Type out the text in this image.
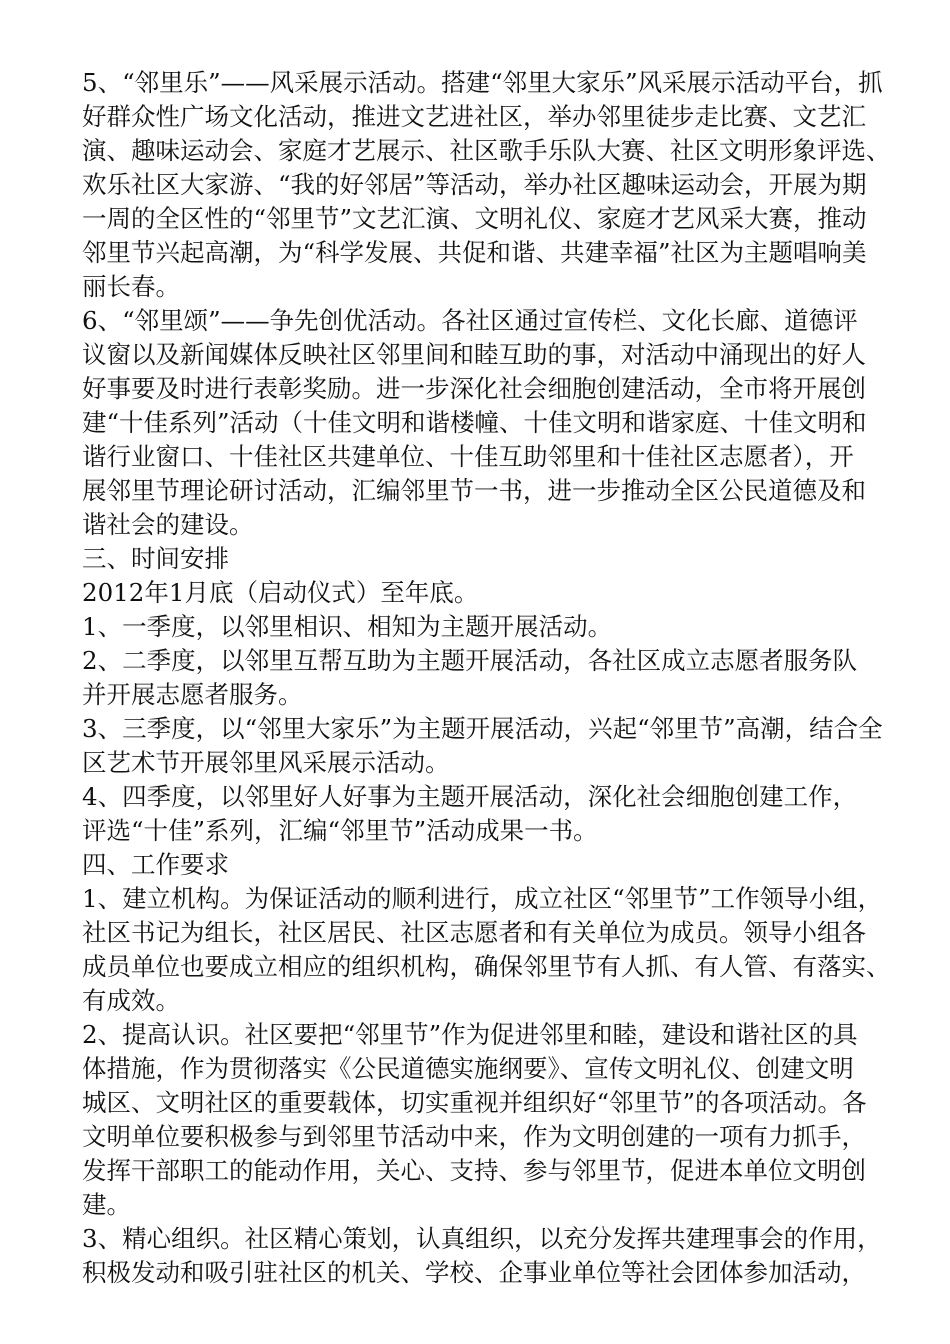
5、“邻里乐”——风采展示活动。搭建“邻里大家乐”风采展示活动平台，抓
好群众性广场文化活动，推进文艺进社区，举办邻里徒步走比赛、文艺汇
演、趣味运动会、家庭才艺展示、社区歌手乐队大赛、社区文明形象评选、
欢乐社区大家游、“我的好邻居”等活动，举办社区趣味运动会，开展为期
一周的全区性的“邻里节”文艺汇演、文明礼仪、家庭才艺风采大赛，推动
邻里节兴起高潮，为“科学发展、共促和谐、共建幸福”社区为主题唱响美
丽长春。
6、“邻里颂”——争先创优活动。各社区通过宣传栏、文化长廊、道德评
议窗以及新闻媒体反映社区邻里间和睦互助的事，对活动中涌现出的好人
好事要及时进行表彰奖励。进一步深化社会细胞创建活动，全市将开展创
建“十佳系列”活动（十佳文明和谐楼幢、十佳文明和谐家庭、十佳文明和
谐行业窗口、十佳社区共建单位、十佳互助邻里和十佳社区志愿者），开
展邻里节理论研讨活动，汇编邻里节一书，进一步推动全区公民道德及和
谐社会的建设。
三、时间安排
2012年1月底（启动仪式）至年底。
1、一季度，以邻里相识、相知为主题开展活动。
2、二季度，以邻里互帮互助为主题开展活动，各社区成立志愿者服务队
并开展志愿者服务。
3、三季度，以“邻里大家乐”为主题开展活动，兴起“邻里节”高潮，结合全
区艺术节开展邻里风采展示活动。
4、四季度，以邻里好人好事为主题开展活动，深化社会细胞创建工作，
评选“十佳”系列，汇编“邻里节”活动成果一书。
四、工作要求
1、建立机构。为保证活动的顺利进行，成立社区“邻里节”工作领导小组，
社区书记为组长，社区居民、社区志愿者和有关单位为成员。领导小组各
成员单位也要成立相应的组织机构，确保邻里节有人抓、有人管、有落实、
有成效。
2、提高认识。社区要把“邻里节”作为促进邻里和睦，建设和谐社区的具
体措施，作为贯彻落实《公民道德实施纲要》、宣传文明礼仪、创建文明
城区、文明社区的重要载体，切实重视并组织好“邻里节”的各项活动。各
文明单位要积极参与到邻里节活动中来，作为文明创建的一项有力抓手，
发挥干部职工的能动作用，关心、支持、参与邻里节，促进本单位文明创
建。
3、精心组织。社区精心策划，认真组织，以充分发挥共建理事会的作用，
积极发动和吸引驻社区的机关、学校、企事业单位等社会团体参加活动，
